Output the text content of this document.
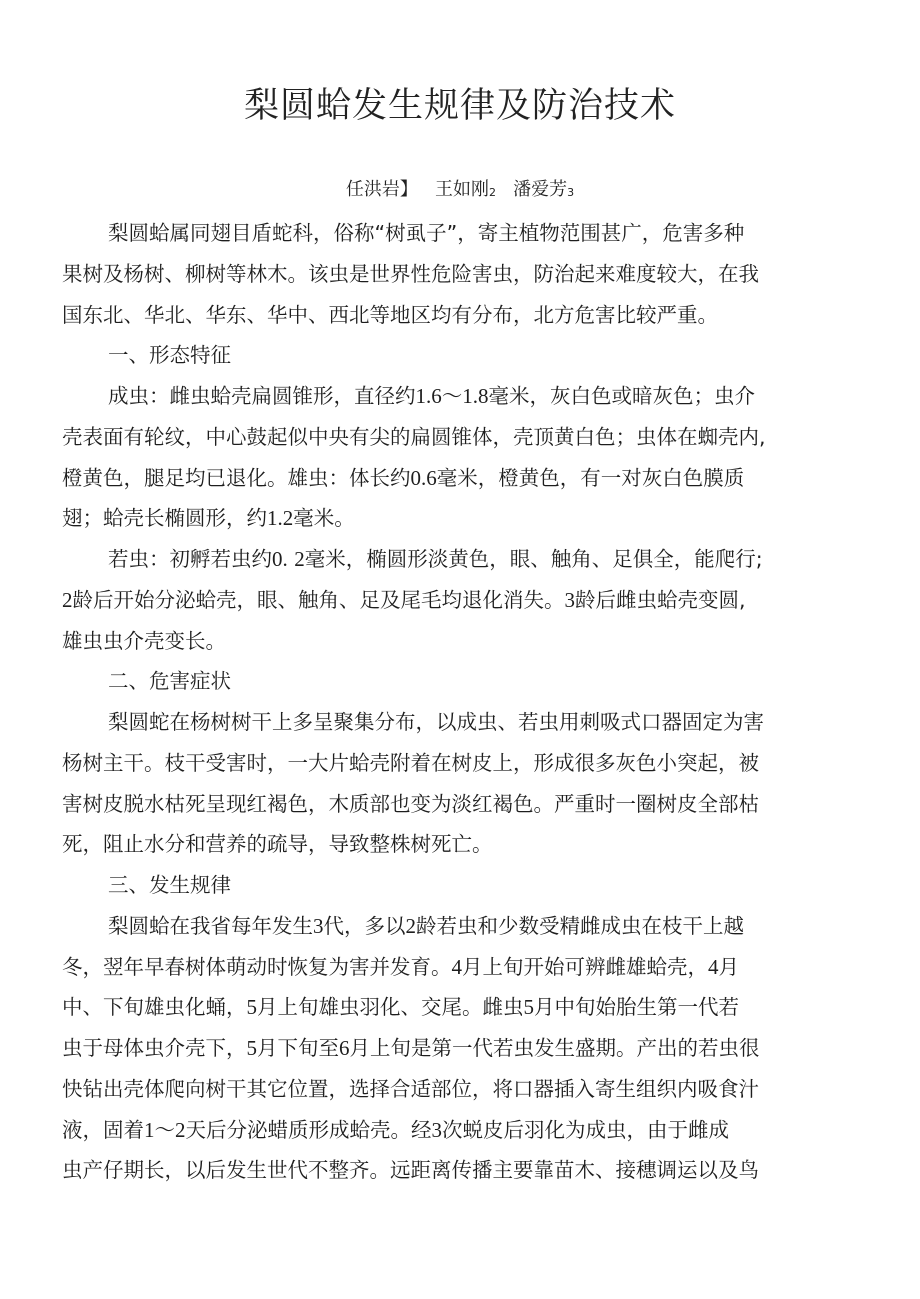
梨圆蛤发生规律及防治技术
任洪岩】 王如刚2 潘爱芳3
梨圆蛤属同翅目盾蛇科，俗称“树虱子”，寄主植物范围甚广，危害多种
果树及杨树、柳树等林木。该虫是世界性危险害虫，防治起来难度较大，在我
国东北、华北、华东、华中、西北等地区均有分布，北方危害比较严重。
一、形态特征
成虫：雌虫蛤壳扁圆锥形，直径约1.6～1.8毫米，灰白色或暗灰色；虫介
壳表面有轮纹，中心鼓起似中央有尖的扁圆锥体，壳顶黄白色；虫体在蜘壳内,
橙黄色，腿足均已退化。雄虫：体长约0.6毫米，橙黄色，有一对灰白色膜质
翅；蛤壳长椭圆形，约1.2毫米。
若虫：初孵若虫约0. 2毫米，椭圆形淡黄色，眼、触角、足俱全，能爬行;
2龄后开始分泌蛤壳，眼、触角、足及尾毛均退化消失。3龄后雌虫蛤壳变圆,
雄虫虫介壳变长。
二、危害症状
梨圆蛇在杨树树干上多呈聚集分布，以成虫、若虫用刺吸式口器固定为害
杨树主干。枝干受害时，一大片蛤壳附着在树皮上，形成很多灰色小突起，被
害树皮脱水枯死呈现红褐色，木质部也变为淡红褐色。严重时一圈树皮全部枯
死，阻止水分和营养的疏导，导致整株树死亡。
三、发生规律
梨圆蛤在我省每年发生3代，多以2龄若虫和少数受精雌成虫在枝干上越
冬，翌年早春树体萌动时恢复为害并发育。4月上旬开始可辨雌雄蛤壳，4月
中、下旬雄虫化蛹，5月上旬雄虫羽化、交尾。雌虫5月中旬始胎生第一代若
虫于母体虫介壳下，5月下旬至6月上旬是第一代若虫发生盛期。产出的若虫很
快钻出壳体爬向树干其它位置，选择合适部位，将口器插入寄生组织内吸食汁
液，固着1～2天后分泌蜡质形成蛤壳。经3次蜕皮后羽化为成虫，由于雌成
虫产仔期长，以后发生世代不整齐。远距离传播主要靠苗木、接穗调运以及鸟
